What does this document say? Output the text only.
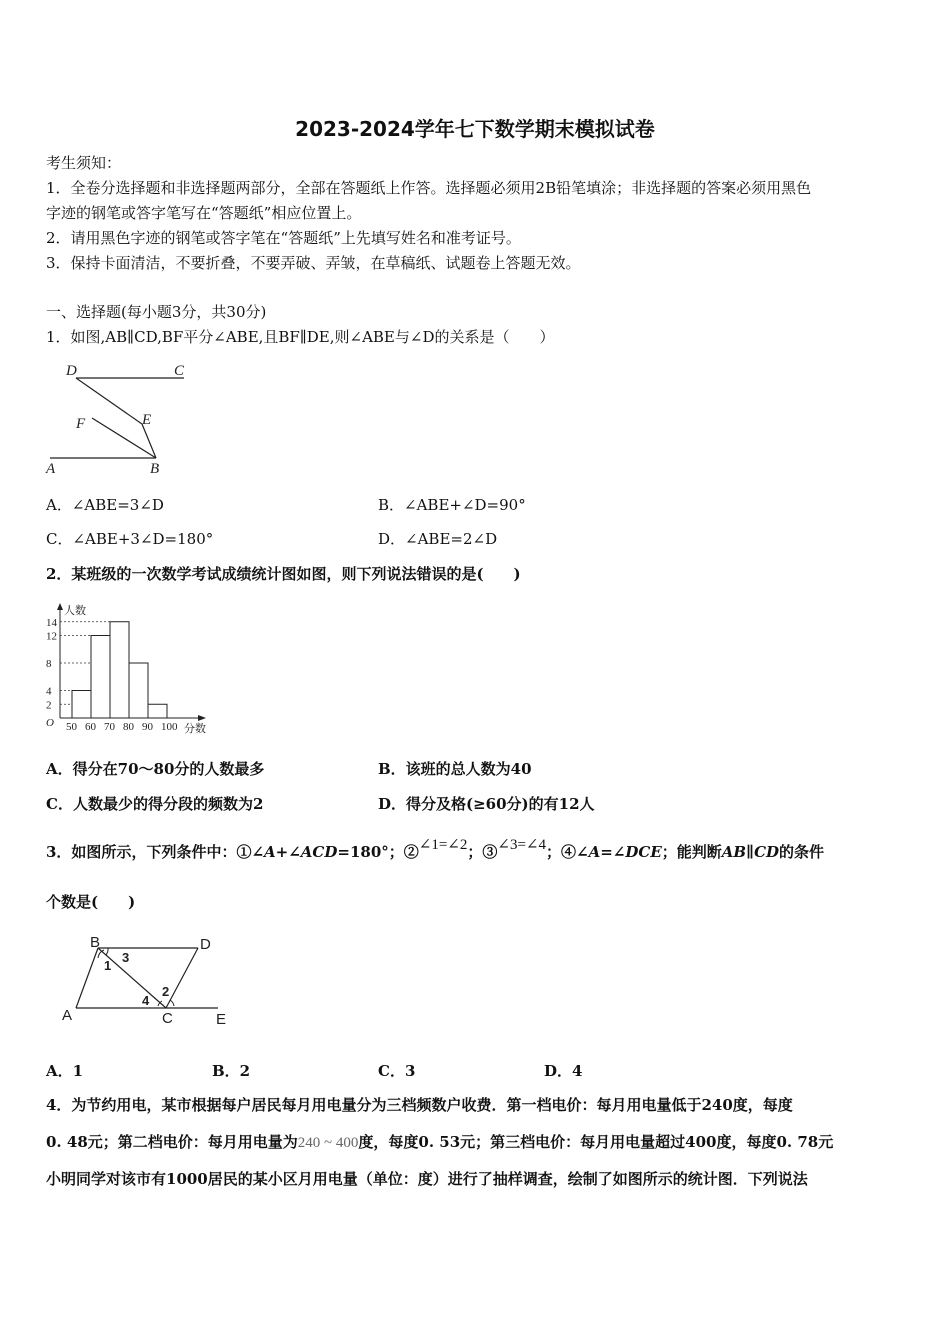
2023-2024学年七下数学期末模拟试卷
考生须知：
1．全卷分选择题和非选择题两部分，全部在答题纸上作答。选择题必须用2B铅笔填涂；非选择题的答案必须用黑色
字迹的钢笔或答字笔写在“答题纸”相应位置上。
2．请用黑色字迹的钢笔或答字笔在“答题纸”上先填写姓名和准考证号。
3．保持卡面清洁，不要折叠，不要弄破、弄皱，在草稿纸、试题卷上答题无效。
一、选择题(每小题3分，共30分)
1．如图,AB∥CD,BF平分∠ABE,且BF∥DE,则∠ABE与∠D的关系是（　　）
D	C
F	E
A	B
A．∠ABE=3∠D	B．∠ABE+∠D=90°
C．∠ABE+3∠D=180°	D．∠ABE=2∠D
2．某班级的一次数学考试成绩统计图如图，则下列说法错误的是(　　)
2
4
8
12
14
50 60 70 80 90 100
人数
分数
O
A．得分在70～80分的人数最多	B．该班的总人数为40
C．人数最少的得分段的频数为2	D．得分及格(≥60分)的有12人
3．如图所示，下列条件中：①∠A+∠ACD=180°；②∠1=∠2；③∠3=∠4；④∠A=∠DCE；能判断AB∥CD的条件
个数是(　　)
B	D
A	C	E
1
3
4
2
A．1	B．2	C．3	D．4
4．为节约用电，某市根据每户居民每月用电量分为三档频数户收费．第一档电价：每月用电量低于240度，每度
0. 48元；第二档电价：每月用电量为240 ~ 400度，每度0. 53元；第三档电价：每月用电量超过400度，每度0. 78元
小明同学对该市有1000居民的某小区月用电量（单位：度）进行了抽样调查，绘制了如图所示的统计图．下列说法
